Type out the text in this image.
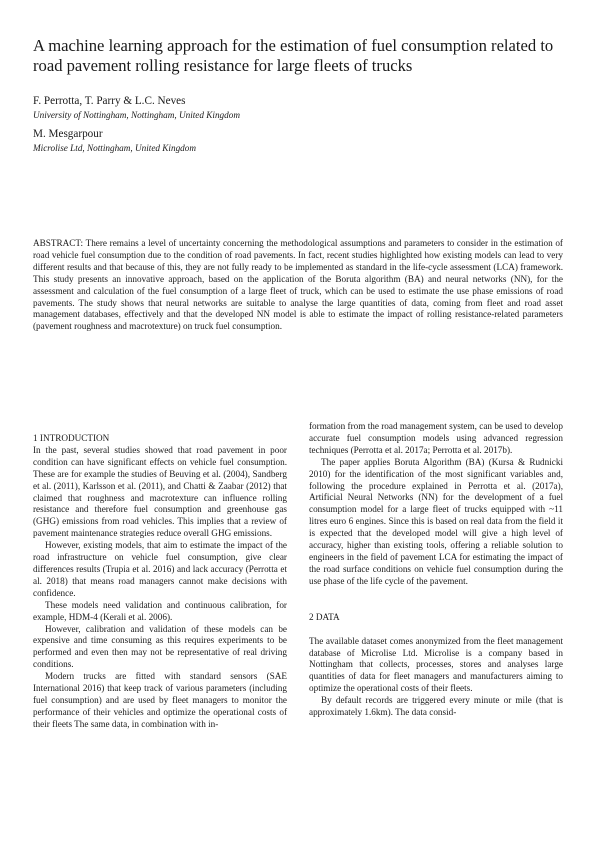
A machine learning approach for the estimation of fuel consumption related to road pavement rolling resistance for large fleets of trucks
F. Perrotta, T. Parry & L.C. Neves
University of Nottingham, Nottingham, United Kingdom
M. Mesgarpour
Microlise Ltd, Nottingham, United Kingdom
ABSTRACT: There remains a level of uncertainty concerning the methodological assumptions and parameters to consider in the estimation of road vehicle fuel consumption due to the condition of road pavements. In fact, recent studies highlighted how existing models can lead to very different results and that because of this, they are not fully ready to be implemented as standard in the life-cycle assessment (LCA) framework. This study presents an innovative approach, based on the application of the Boruta algorithm (BA) and neural networks (NN), for the assessment and calculation of the fuel consumption of a large fleet of truck, which can be used to estimate the use phase emissions of road pavements. The study shows that neural networks are suitable to analyse the large quantities of data, coming from fleet and road asset management databases, effectively and that the developed NN model is able to estimate the impact of rolling resistance-related parameters (pavement roughness and macrotexture) on truck fuel consumption.

1 INTRODUCTION

In the past, several studies showed that road pavement in poor condition can have significant effects on vehicle fuel consumption. These are for example the studies of Beuving et al. (2004), Sandberg et al. (2011), Karlsson et al. (2011), and Chatti & Zaabar (2012) that claimed that roughness and macrotexture can influence rolling resistance and therefore fuel consumption and greenhouse gas (GHG) emissions from road vehicles. This implies that a review of pavement maintenance strategies reduce overall GHG emissions.

However, existing models, that aim to estimate the impact of the road infrastructure on vehicle fuel consumption, give clear differences results (Trupia et al. 2016) and lack accuracy (Perrotta et al. 2018) that means road managers cannot make decisions with confidence.

These models need validation and continuous calibration, for example, HDM-4 (Kerali et al. 2006).

However, calibration and validation of these models can be expensive and time consuming as this requires experiments to be performed and even then may not be representative of real driving conditions.

Modern trucks are fitted with standard sensors (SAE International 2016) that keep track of various parameters (including fuel consumption) and are used by fleet managers to monitor the performance of their vehicles and optimize the operational costs of their fleets The same data, in combination with in-

formation from the road management system, can be used to develop accurate fuel consumption models using advanced regression techniques (Perrotta et al. 2017a; Perrotta et al. 2017b).

The paper applies Boruta Algorithm (BA) (Kursa & Rudnicki 2010) for the identification of the most significant variables and, following the procedure explained in Perrotta et al. (2017a), Artificial Neural Networks (NN) for the development of a fuel consumption model for a large fleet of trucks equipped with ~11 litres euro 6 engines. Since this is based on real data from the field it is expected that the developed model will give a high level of accuracy, higher than existing tools, offering a reliable solution to engineers in the field of pavement LCA for estimating the impact of the road surface conditions on vehicle fuel consumption during the use phase of the life cycle of the pavement.

2 DATA

The available dataset comes anonymized from the fleet management database of Microlise Ltd. Microlise is a company based in Nottingham that collects, processes, stores and analyses large quantities of data for fleet managers and manufacturers aiming to optimize the operational costs of their fleets.

By default records are triggered every minute or mile (that is approximately 1.6km). The data consid-
